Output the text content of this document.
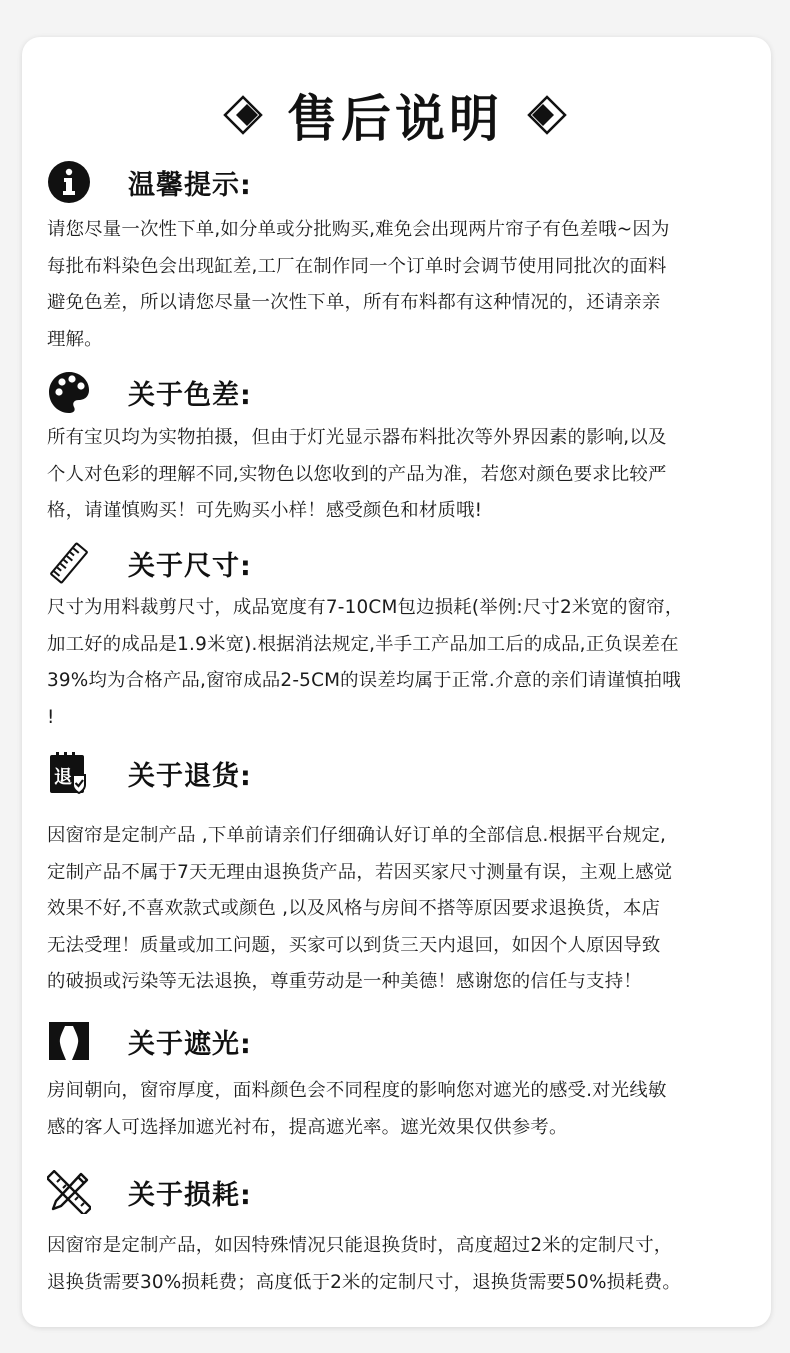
售后说明
温馨提示:
请您尽量一次性下单,如分单或分批购买,难免会出现两片帘子有色差哦~因为
每批布料染色会出现缸差,工厂在制作同一个订单时会调节使用同批次的面料
避免色差，所以请您尽量一次性下单，所有布料都有这种情况的，还请亲亲
理解。
关于色差:
所有宝贝均为实物拍摄，但由于灯光显示器布料批次等外界因素的影响,以及
个人对色彩的理解不同,实物色以您收到的产品为准，若您对颜色要求比较严
格，请谨慎购买！可先购买小样！感受颜色和材质哦!
关于尺寸:
尺寸为用料裁剪尺寸，成品宽度有7-10CM包边损耗(举例:尺寸2米宽的窗帘，
加工好的成品是1.9米宽).根据消法规定,半手工产品加工后的成品,正负误差在
39%均为合格产品,窗帘成品2-5CM的误差均属于正常.介意的亲们请谨慎拍哦
!
退 关于退货:
因窗帘是定制产品 ,下单前请亲们仔细确认好订单的全部信息.根据平台规定,
定制产品不属于7天无理由退换货产品，若因买家尺寸测量有误，主观上感觉
效果不好,不喜欢款式或颜色 ,以及风格与房间不搭等原因要求退换货，本店
无法受理！质量或加工问题，买家可以到货三天内退回，如因个人原因导致
的破损或污染等无法退换，尊重劳动是一种美德！感谢您的信任与支持！
关于遮光:
房间朝向，窗帘厚度，面料颜色会不同程度的影响您对遮光的感受.对光线敏
感的客人可选择加遮光衬布，提高遮光率。遮光效果仅供参考。
关于损耗:
因窗帘是定制产品，如因特殊情况只能退换货时，高度超过2米的定制尺寸，
退换货需要30%损耗费；高度低于2米的定制尺寸，退换货需要50%损耗费。
